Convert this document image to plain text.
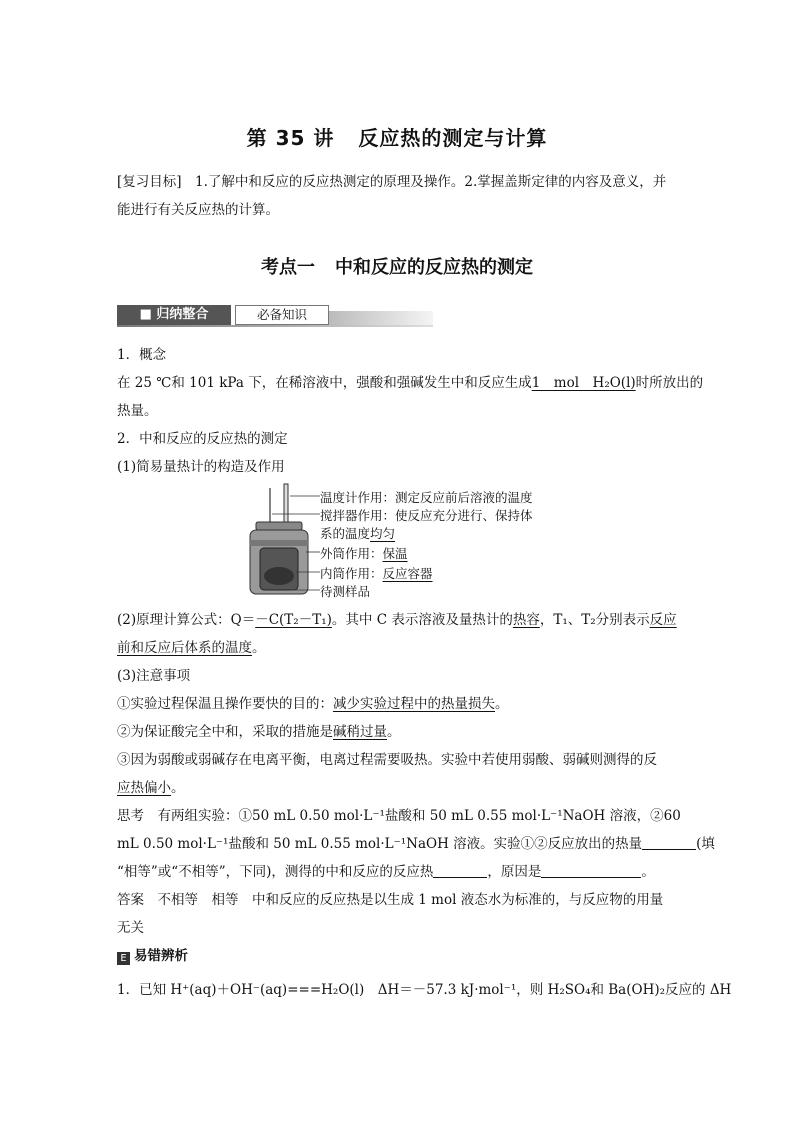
第 35 讲 反应热的测定与计算
[复习目标]　1.了解中和反应的反应热测定的原理及操作。2.掌握盖斯定律的内容及意义，并
能进行有关反应热的计算。
考点一 中和反应的反应热的测定
■ 归纳整合	必备知识
1．概念
在 25 ℃和 101 kPa 下，在稀溶液中，强酸和强碱发生中和反应生成1　mol　H₂O(l)时所放出的
热量。
2．中和反应的反应热的测定
(1)简易量热计的构造及作用
温度计作用：测定反应前后溶液的温度
搅拌器作用：使反应充分进行、保持体
系的温度均匀
外筒作用：保温
内筒作用：反应容器
待测样品
(2)原理计算公式：Q＝－C(T₂－T₁)。其中 C 表示溶液及量热计的热容，T₁、T₂分别表示反应
前和反应后体系的温度。
(3)注意事项
①实验过程保温且操作要快的目的：减少实验过程中的热量损失。
②为保证酸完全中和，采取的措施是碱稍过量。
③因为弱酸或弱碱存在电离平衡，电离过程需要吸热。实验中若使用弱酸、弱碱则测得的反
应热偏小。
思考　有两组实验：①50 mL 0.50 mol·L⁻¹盐酸和 50 mL 0.55 mol·L⁻¹NaOH 溶液，②60
mL 0.50 mol·L⁻¹盐酸和 50 mL 0.55 mol·L⁻¹NaOH 溶液。实验①②反应放出的热量	(填
“相等”或“不相等”，下同)，测得的中和反应的反应热	，原因是	。
答案　不相等　相等　中和反应的反应热是以生成 1 mol 液态水为标准的，与反应物的用量
无关
E 易错辨析
1．已知 H⁺(aq)＋OH⁻(aq)===H₂O(l)　ΔH＝－57.3 kJ·mol⁻¹，则 H₂SO₄和 Ba(OH)₂反应的 ΔH
